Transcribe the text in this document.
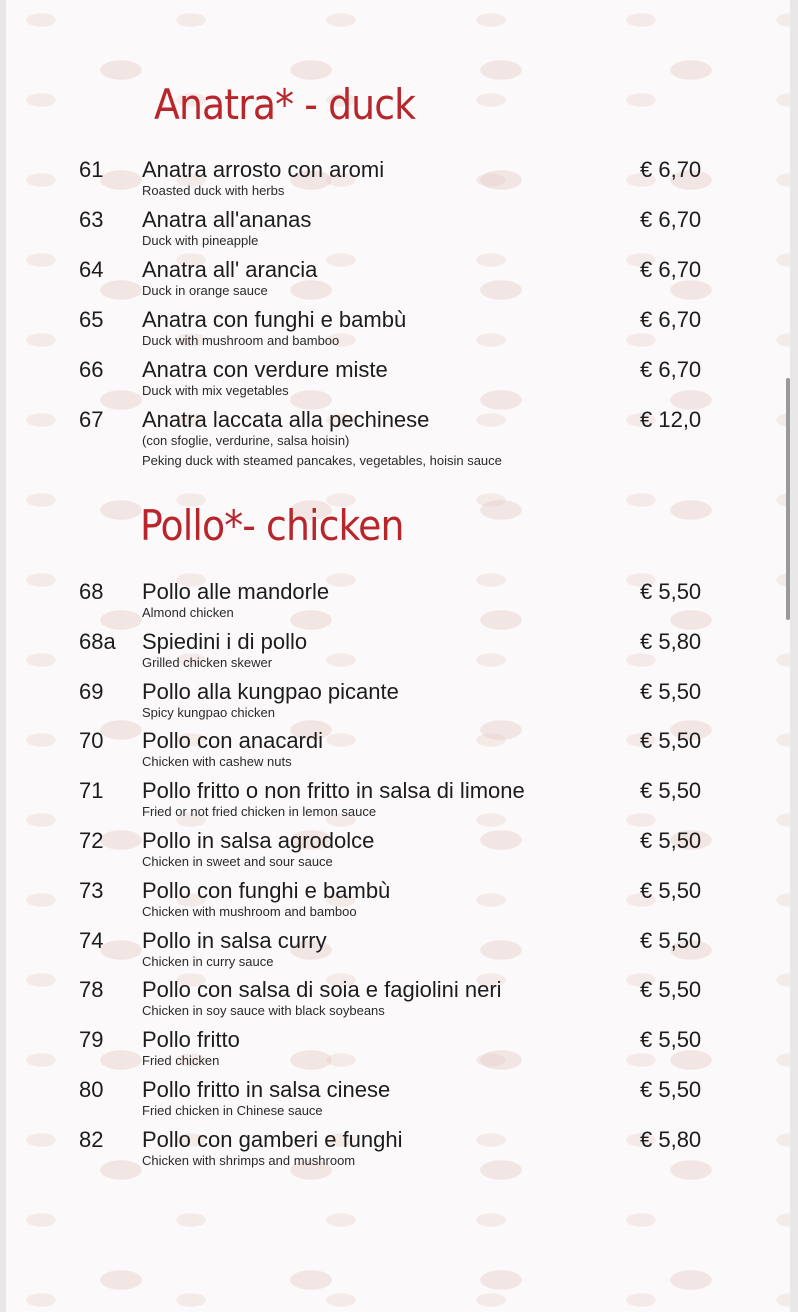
Anatra* - duck
61 Anatra arrosto con aromi	€ 6,70
Roasted duck with herbs
63 Anatra all'ananas	€ 6,70
Duck with pineapple
64 Anatra all' arancia	€ 6,70
Duck in orange sauce
65 Anatra con funghi e bambù	€ 6,70
Duck with mushroom and bamboo
66 Anatra con verdure miste	€ 6,70
Duck with mix vegetables
67 Anatra laccata alla pechinese	€ 12,0
(con sfoglie, verdurine, salsa hoisin)
Peking duck with steamed pancakes, vegetables, hoisin sauce
Pollo*- chicken
68 Pollo alle mandorle	€ 5,50
Almond chicken
68a Spiedini i di pollo	€ 5,80
Grilled chicken skewer
69 Pollo alla kungpao picante	€ 5,50
Spicy kungpao chicken
70 Pollo con anacardi	€ 5,50
Chicken with cashew nuts
71 Pollo fritto o non fritto in salsa di limone	€ 5,50
Fried or not fried chicken in lemon sauce
72 Pollo in salsa agrodolce	€ 5,50
Chicken in sweet and sour sauce
73 Pollo con funghi e bambù	€ 5,50
Chicken with mushroom and bamboo
74 Pollo in salsa curry	€ 5,50
Chicken in curry sauce
78 Pollo con salsa di soia e fagiolini neri	€ 5,50
Chicken in soy sauce with black soybeans
79 Pollo fritto	€ 5,50
Fried chicken
80 Pollo fritto in salsa cinese	€ 5,50
Fried chicken in Chinese sauce
82 Pollo con gamberi e funghi	€ 5,80
Chicken with shrimps and mushroom
